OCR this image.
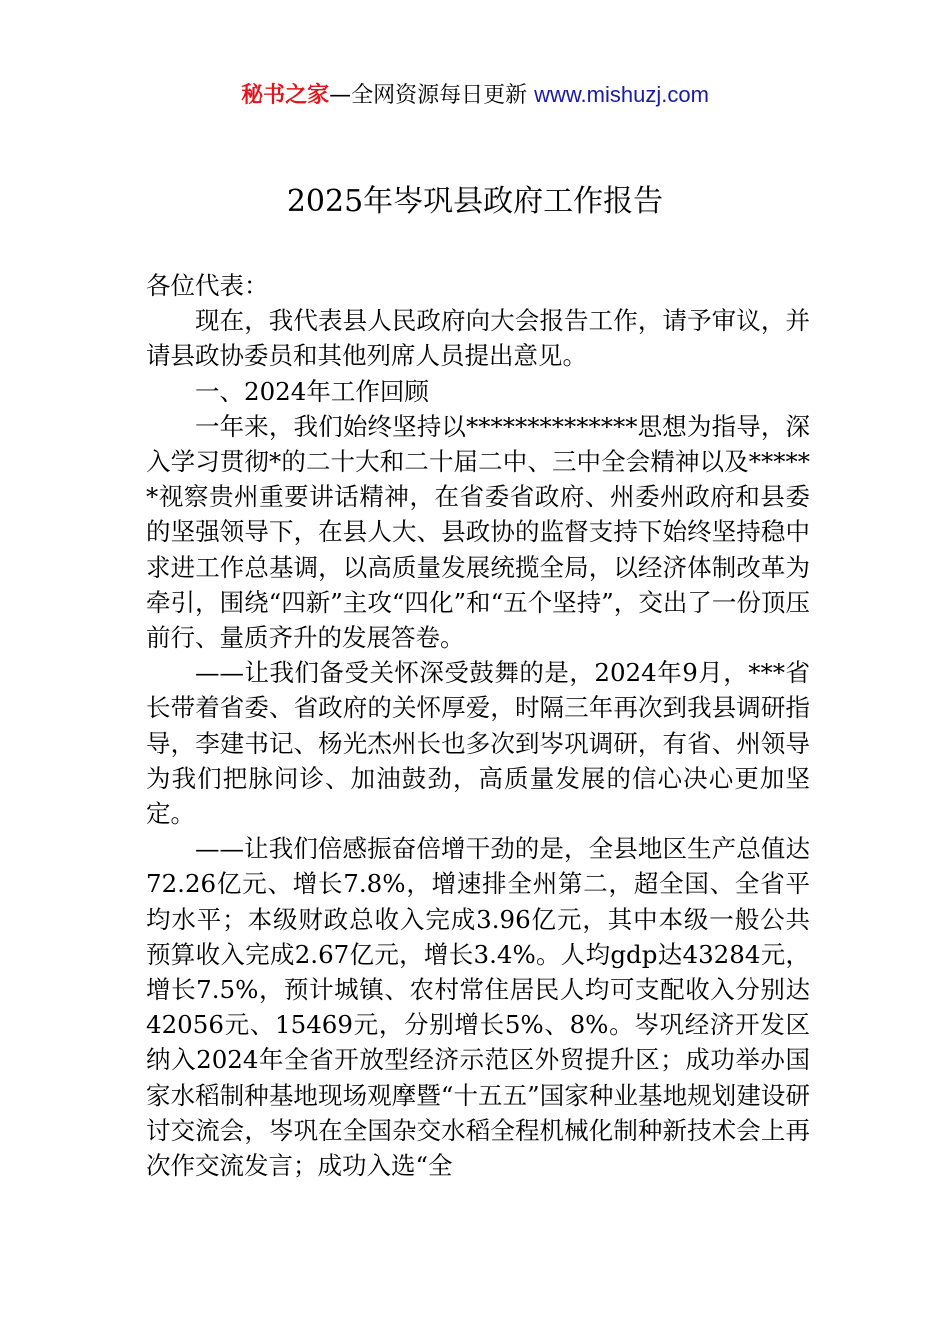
秘书之家—全网资源每日更新 www.mishuzj.com
2025年岑巩县政府工作报告

各位代表：

现在，我代表县人民政府向大会报告工作，请予审议，并请县政协委员和其他列席人员提出意见。

一、2024年工作回顾

一年来，我们始终坚持以**************思想为指导，深入学习贯彻*的二十大和二十届二中、三中全会精神以及******视察贵州重要讲话精神，在省委省政府、州委州政府和县委的坚强领导下，在县人大、县政协的监督支持下始终坚持稳中求进工作总基调，以高质量发展统揽全局，以经济体制改革为牵引，围绕“四新”主攻“四化”和“五个坚持”，交出了一份顶压前行、量质齐升的发展答卷。

——让我们备受关怀深受鼓舞的是，2024年9月，***省长带着省委、省政府的关怀厚爱，时隔三年再次到我县调研指导，李建书记、杨光杰州长也多次到岑巩调研，有省、州领导为我们把脉问诊、加油鼓劲，高质量发展的信心决心更加坚定。

——让我们倍感振奋倍增干劲的是，全县地区生产总值达72.26亿元、增长7.8%，增速排全州第二，超全国、全省平均水平；本级财政总收入完成3.96亿元，其中本级一般公共预算收入完成2.67亿元，增长3.4%。人均gdp达43284元，增长7.5%，预计城镇、农村常住居民人均可支配收入分别达42056元、15469元，分别增长5%、8%。岑巩经济开发区纳入2024年全省开放型经济示范区外贸提升区；成功举办国家水稻制种基地现场观摩暨“十五五”国家种业基地规划建设研讨交流会，岑巩在全国杂交水稻全程机械化制种新技术会上再次作交流发言；成功入选“全
